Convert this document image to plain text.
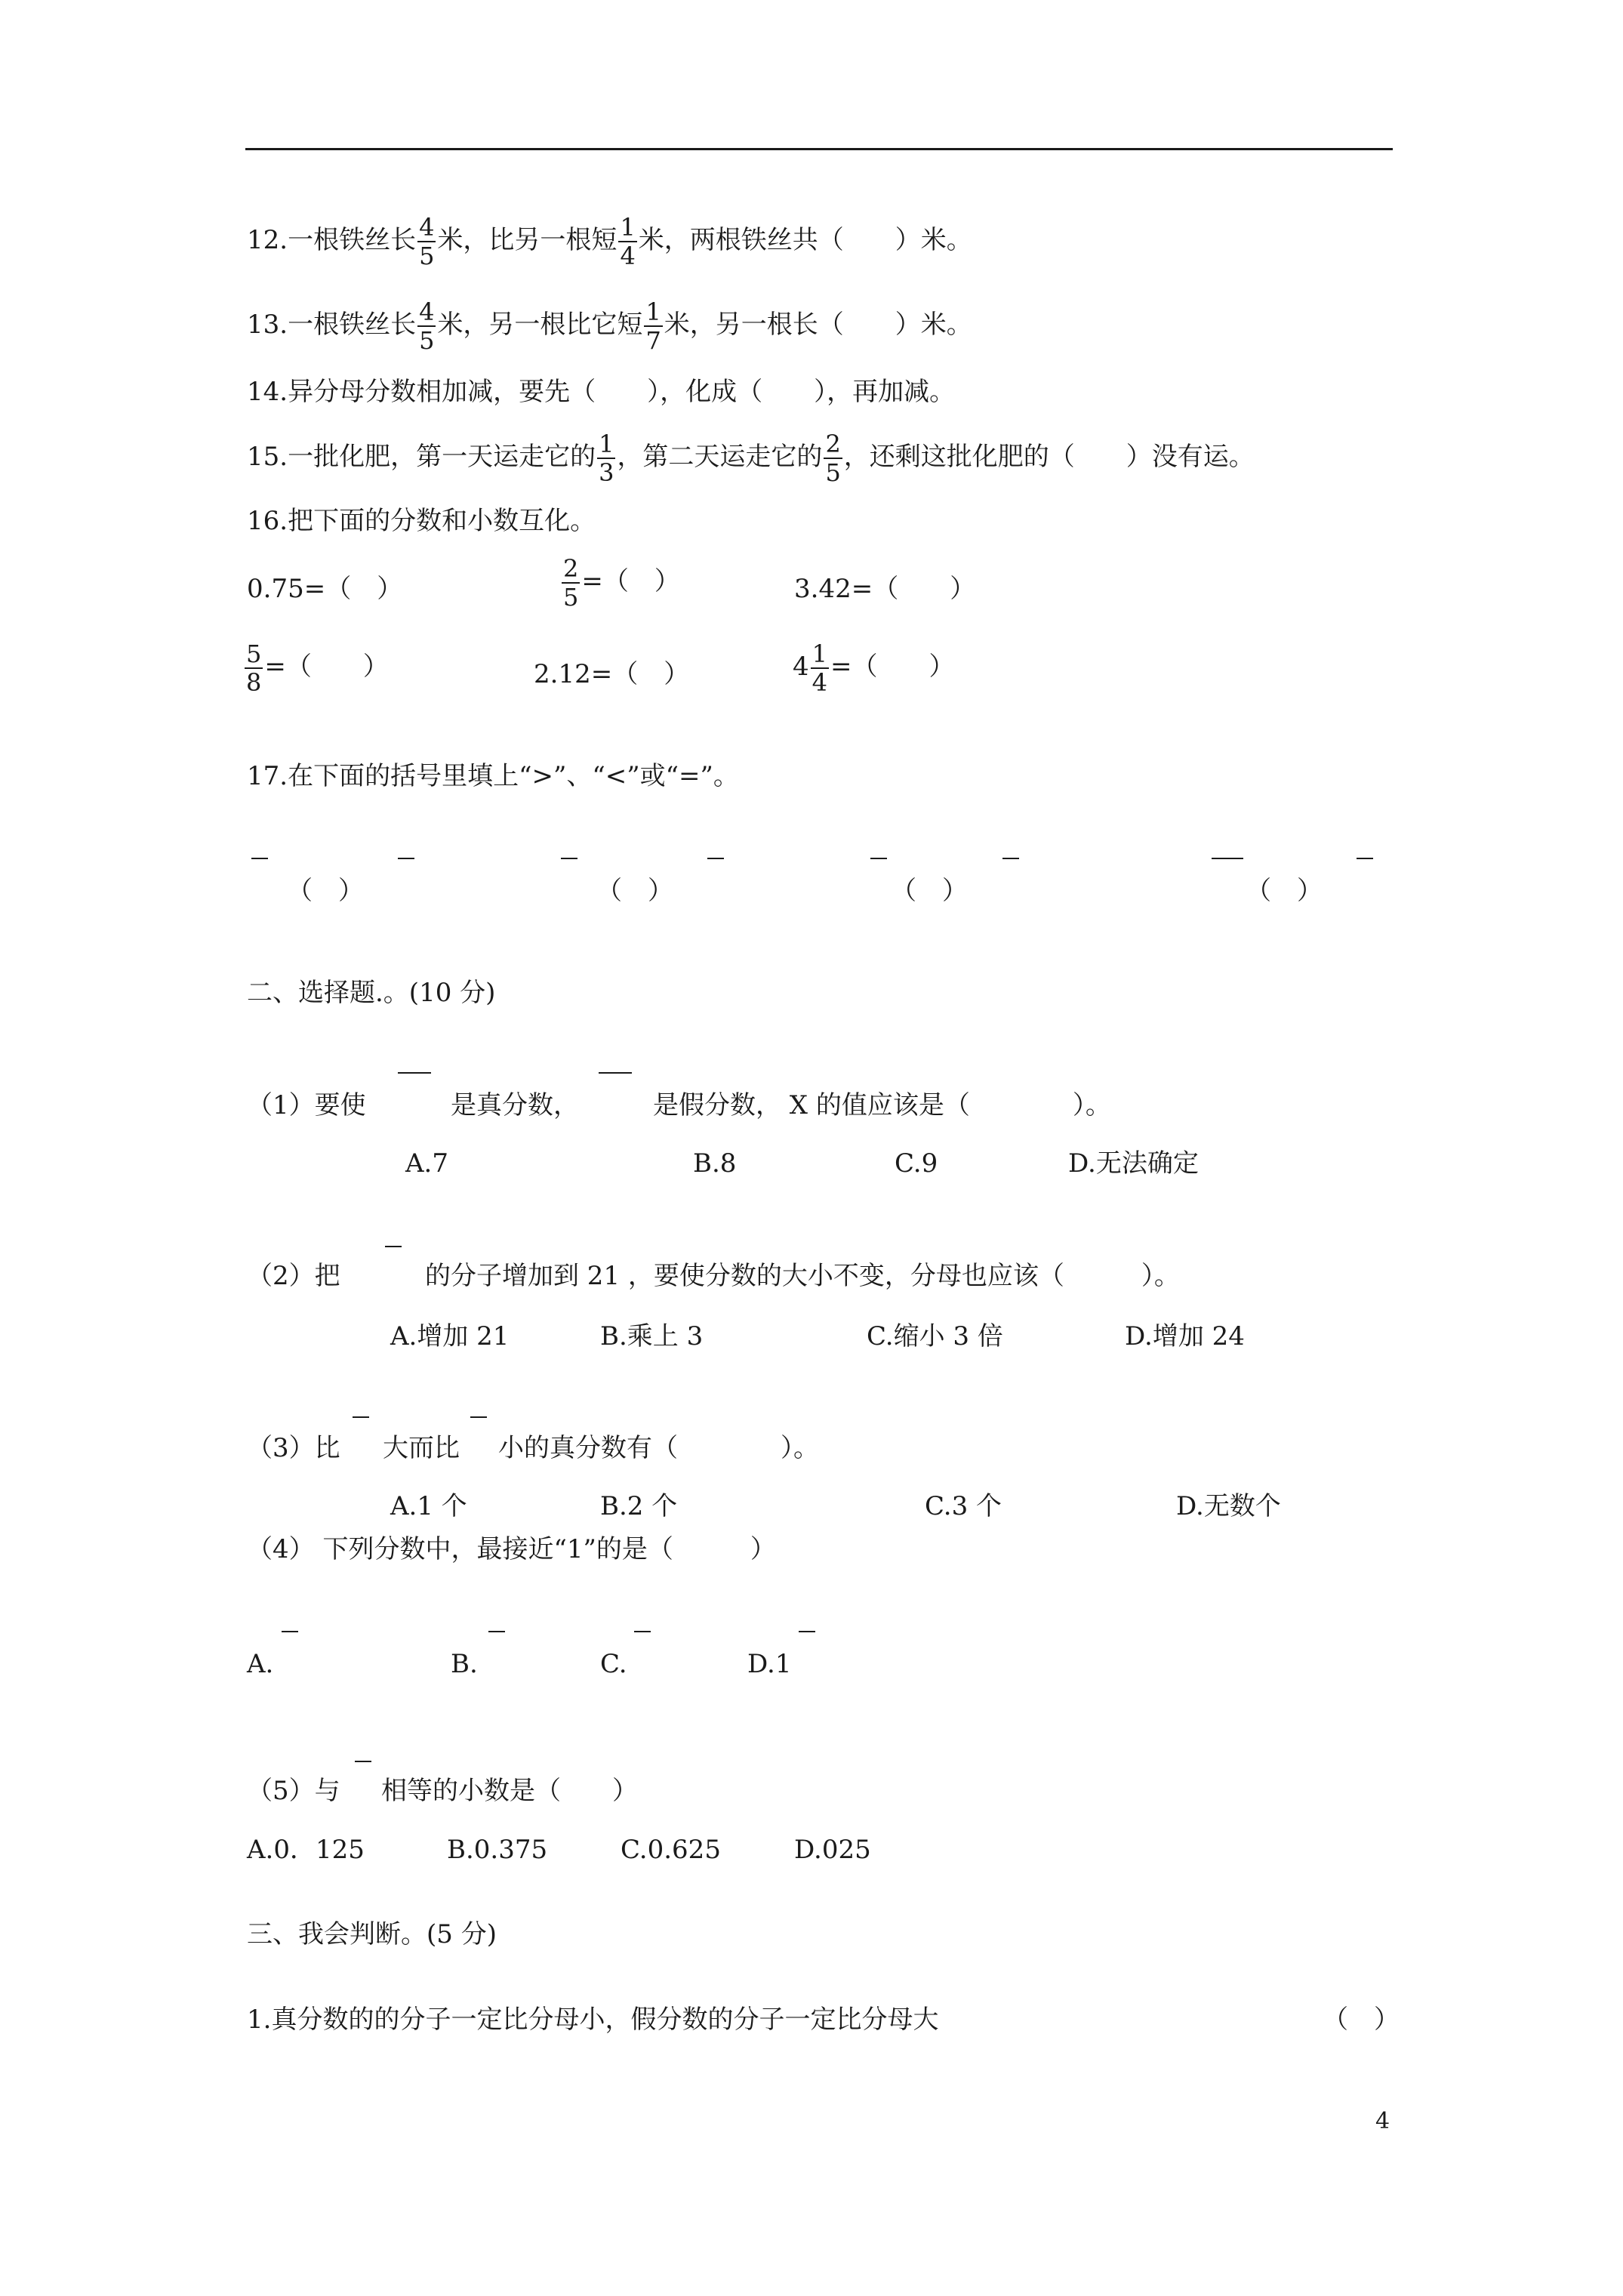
12.一根铁丝长 $\frac{4}{5}$ 米，比另一根短 $\frac{1}{4}$ 米，两根铁丝共（　　）米。
13.一根铁丝长 $\frac{4}{5}$ 米，另一根比它短 $\frac{1}{7}$ 米，另一根长（　　）米。
14.异分母分数相加减，要先（　　），化成（　　），再加减。
15.一批化肥，第一天运走它的 $\frac{1}{3}$ ，第二天运走它的 $\frac{2}{5}$ ，还剩这批化肥的（　　）没有运。
16.把下面的分数和小数互化。
0.75=（　）	$\frac{2}{5}$ =（　）	3.42=（　　）
$\frac{5}{8}$ =（　　）	2.12=（　）	$4 \frac{1}{4}$ =（　　）
17.在下面的括号里填上“>”、“<”或“=”。
（　）	（　）	（　）	（　）
二、选择题.。(10 分)
（1）要使	是真分数，	是假分数， X 的值应该是（　　　　）。
A.7	B.8	C.9	D.无法确定
（2）把	的分子增加到 21 ，要使分数的大小不变，分母也应该（　　　）。
A.增加 21	B.乘上 3	C.缩小 3 倍	D.增加 24
（3）比 大而比 小的真分数有（　　　　）。
A.1 个	B.2 个	C.3 个	D.无数个
（4） 下列分数中，最接近“1”的是（　　　）
A.	B.	C.	D.1
（5）与 相等的小数是（　　）
A.0．125	B.0.375	C.0.625	D.025
三、我会判断。(5 分)
1.真分数的的分子一定比分母小，假分数的分子一定比分母大	（　）
4
